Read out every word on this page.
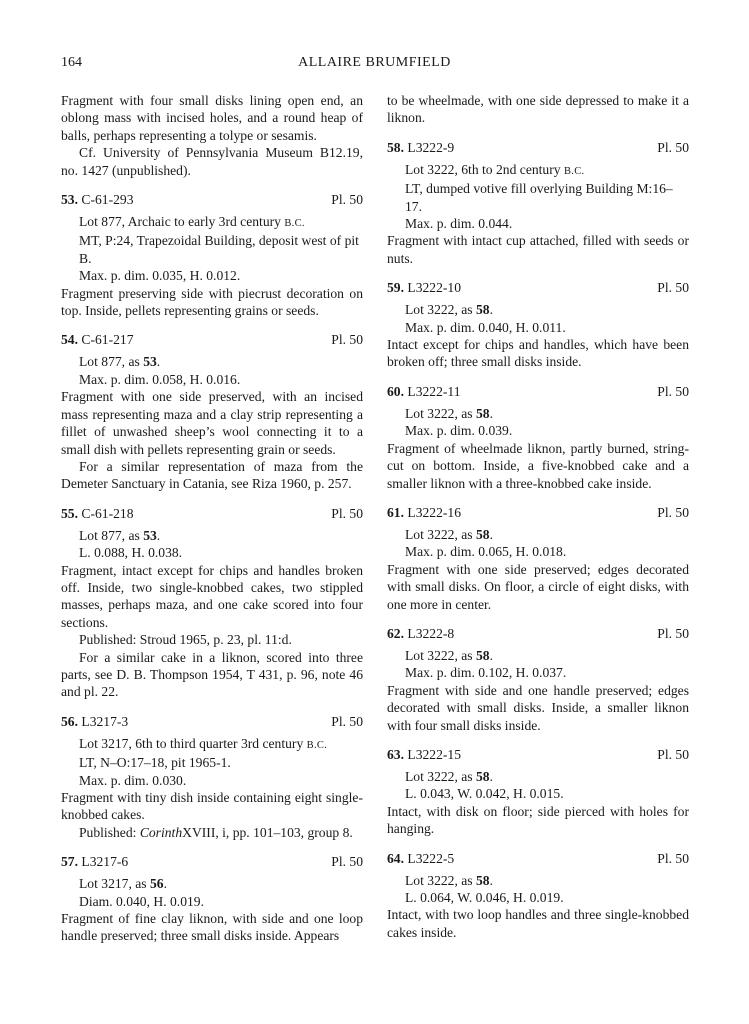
164	ALLAIRE BRUMFIELD

Fragment with four small disks lining open end, an oblong mass with incised holes, and a round heap of balls, perhaps representing a tolype or sesamis.

Cf. University of Pennsylvania Museum B12.19, no. 1427 (unpublished).

53. C-61-293	Pl. 50

Lot 877, Archaic to early 3rd century B.C.

MT, P:24, Trapezoidal Building, deposit west of pit B.

Max. p. dim. 0.035, H. 0.012.

Fragment preserving side with piecrust decoration on top. Inside, pellets representing grains or seeds.

54. C-61-217	Pl. 50

Lot 877, as 53.

Max. p. dim. 0.058, H. 0.016.

Fragment with one side preserved, with an incised mass representing maza and a clay strip representing a fillet of unwashed sheep’s wool connecting it to a small dish with pellets representing grain or seeds.

For a similar representation of maza from the Demeter Sanctuary in Catania, see Riza 1960, p. 257.

55. C-61-218	Pl. 50

Lot 877, as 53.

L. 0.088, H. 0.038.

Fragment, intact except for chips and handles broken off. Inside, two single-knobbed cakes, two stippled masses, perhaps maza, and one cake scored into four sections.

Published: Stroud 1965, p. 23, pl. 11:d.

For a similar cake in a liknon, scored into three parts, see D. B. Thompson 1954, T 431, p. 96, note 46 and pl. 22.

56. L3217-3	Pl. 50

Lot 3217, 6th to third quarter 3rd century B.C.

LT, N–O:17–18, pit 1965-1.

Max. p. dim. 0.030.

Fragment with tiny dish inside containing eight single-knobbed cakes.

Published: CorinthXVIII, i, pp. 101–103, group 8.

57. L3217-6	Pl. 50

Lot 3217, as 56.

Diam. 0.040, H. 0.019.

Fragment of fine clay liknon, with side and one loop handle preserved; three small disks inside. Appears

to be wheelmade, with one side depressed to make it a liknon.

58. L3222-9	Pl. 50

Lot 3222, 6th to 2nd century B.C.

LT, dumped votive fill overlying Building M:16–17.

Max. p. dim. 0.044.

Fragment with intact cup attached, filled with seeds or nuts.

59. L3222-10	Pl. 50

Lot 3222, as 58.

Max. p. dim. 0.040, H. 0.011.

Intact except for chips and handles, which have been broken off; three small disks inside.

60. L3222-11	Pl. 50

Lot 3222, as 58.

Max. p. dim. 0.039.

Fragment of wheelmade liknon, partly burned, string-cut on bottom. Inside, a five-knobbed cake and a smaller liknon with a three-knobbed cake inside.

61. L3222-16	Pl. 50

Lot 3222, as 58.

Max. p. dim. 0.065, H. 0.018.

Fragment with one side preserved; edges decorated with small disks. On floor, a circle of eight disks, with one more in center.

62. L3222-8	Pl. 50

Lot 3222, as 58.

Max. p. dim. 0.102, H. 0.037.

Fragment with side and one handle preserved; edges decorated with small disks. Inside, a smaller liknon with four small disks inside.

63. L3222-15	Pl. 50

Lot 3222, as 58.

L. 0.043, W. 0.042, H. 0.015.

Intact, with disk on floor; side pierced with holes for hanging.

64. L3222-5	Pl. 50

Lot 3222, as 58.

L. 0.064, W. 0.046, H. 0.019.

Intact, with two loop handles and three single-knobbed cakes inside.
